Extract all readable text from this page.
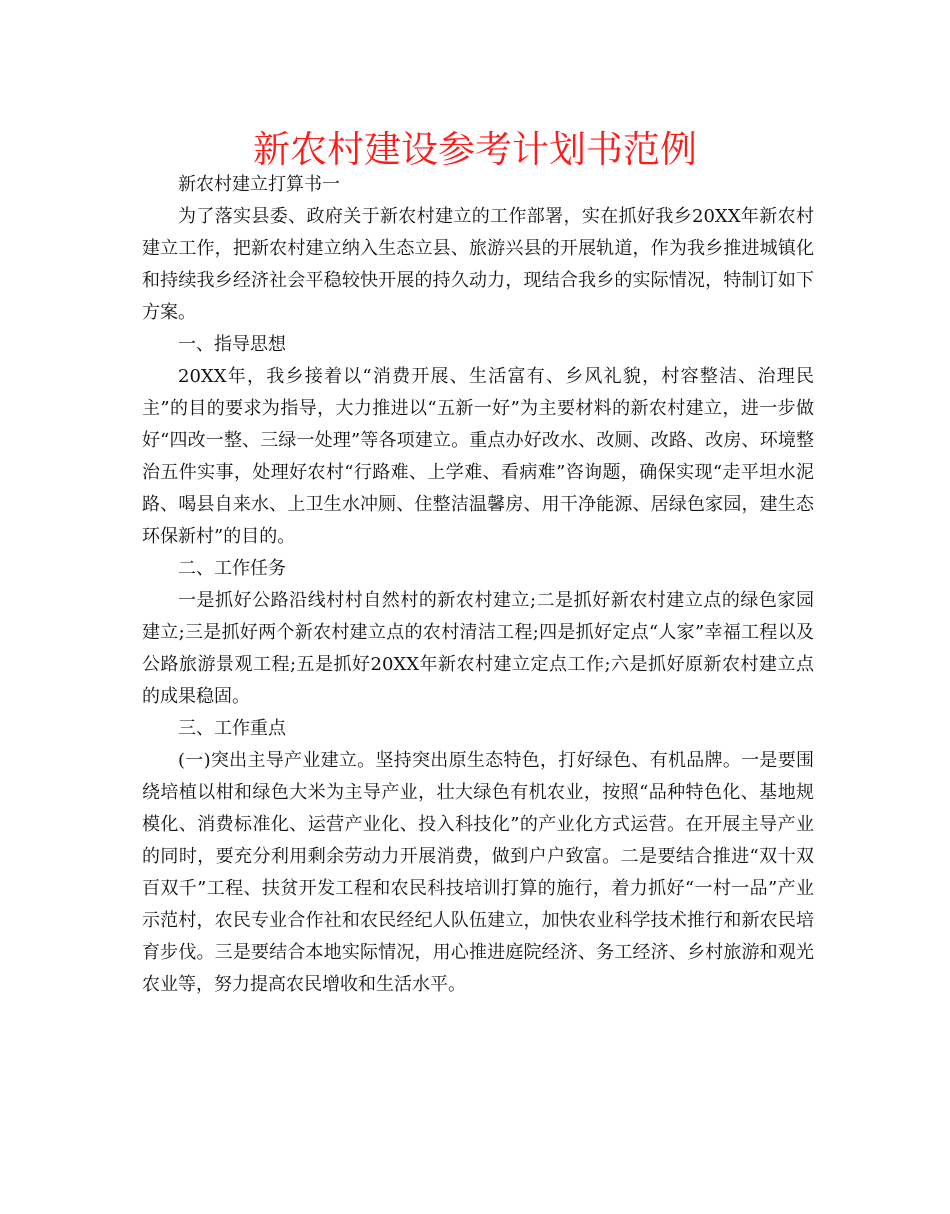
新农村建设参考计划书范例

新农村建立打算书一

为了落实县委、政府关于新农村建立的工作部署，实在抓好我乡20XX年新农村建立工作，把新农村建立纳入生态立县、旅游兴县的开展轨道，作为我乡推进城镇化和持续我乡经济社会平稳较快开展的持久动力，现结合我乡的实际情况，特制订如下方案。

一、指导思想

20XX年，我乡接着以“消费开展、生活富有、乡风礼貌，村容整洁、治理民主”的目的要求为指导，大力推进以“五新一好”为主要材料的新农村建立，进一步做好“四改一整、三绿一处理”等各项建立。重点办好改水、改厕、改路、改房、环境整治五件实事，处理好农村“行路难、上学难、看病难”咨询题，确保实现“走平坦水泥路、喝县自来水、上卫生水冲厕、住整洁温馨房、用干净能源、居绿色家园，建生态环保新村”的目的。

二、工作任务

一是抓好公路沿线村村自然村的新农村建立;二是抓好新农村建立点的绿色家园建立;三是抓好两个新农村建立点的农村清洁工程;四是抓好定点“人家”幸福工程以及公路旅游景观工程;五是抓好20XX年新农村建立定点工作;六是抓好原新农村建立点的成果稳固。

三、工作重点

(一)突出主导产业建立。坚持突出原生态特色，打好绿色、有机品牌。一是要围绕培植以柑和绿色大米为主导产业，壮大绿色有机农业，按照“品种特色化、基地规模化、消费标准化、运营产业化、投入科技化”的产业化方式运营。在开展主导产业的同时，要充分利用剩余劳动力开展消费，做到户户致富。二是要结合推进“双十双百双千”工程、扶贫开发工程和农民科技培训打算的施行，着力抓好“一村一品”产业示范村，农民专业合作社和农民经纪人队伍建立，加快农业科学技术推行和新农民培育步伐。三是要结合本地实际情况，用心推进庭院经济、务工经济、乡村旅游和观光农业等，努力提高农民增收和生活水平。
